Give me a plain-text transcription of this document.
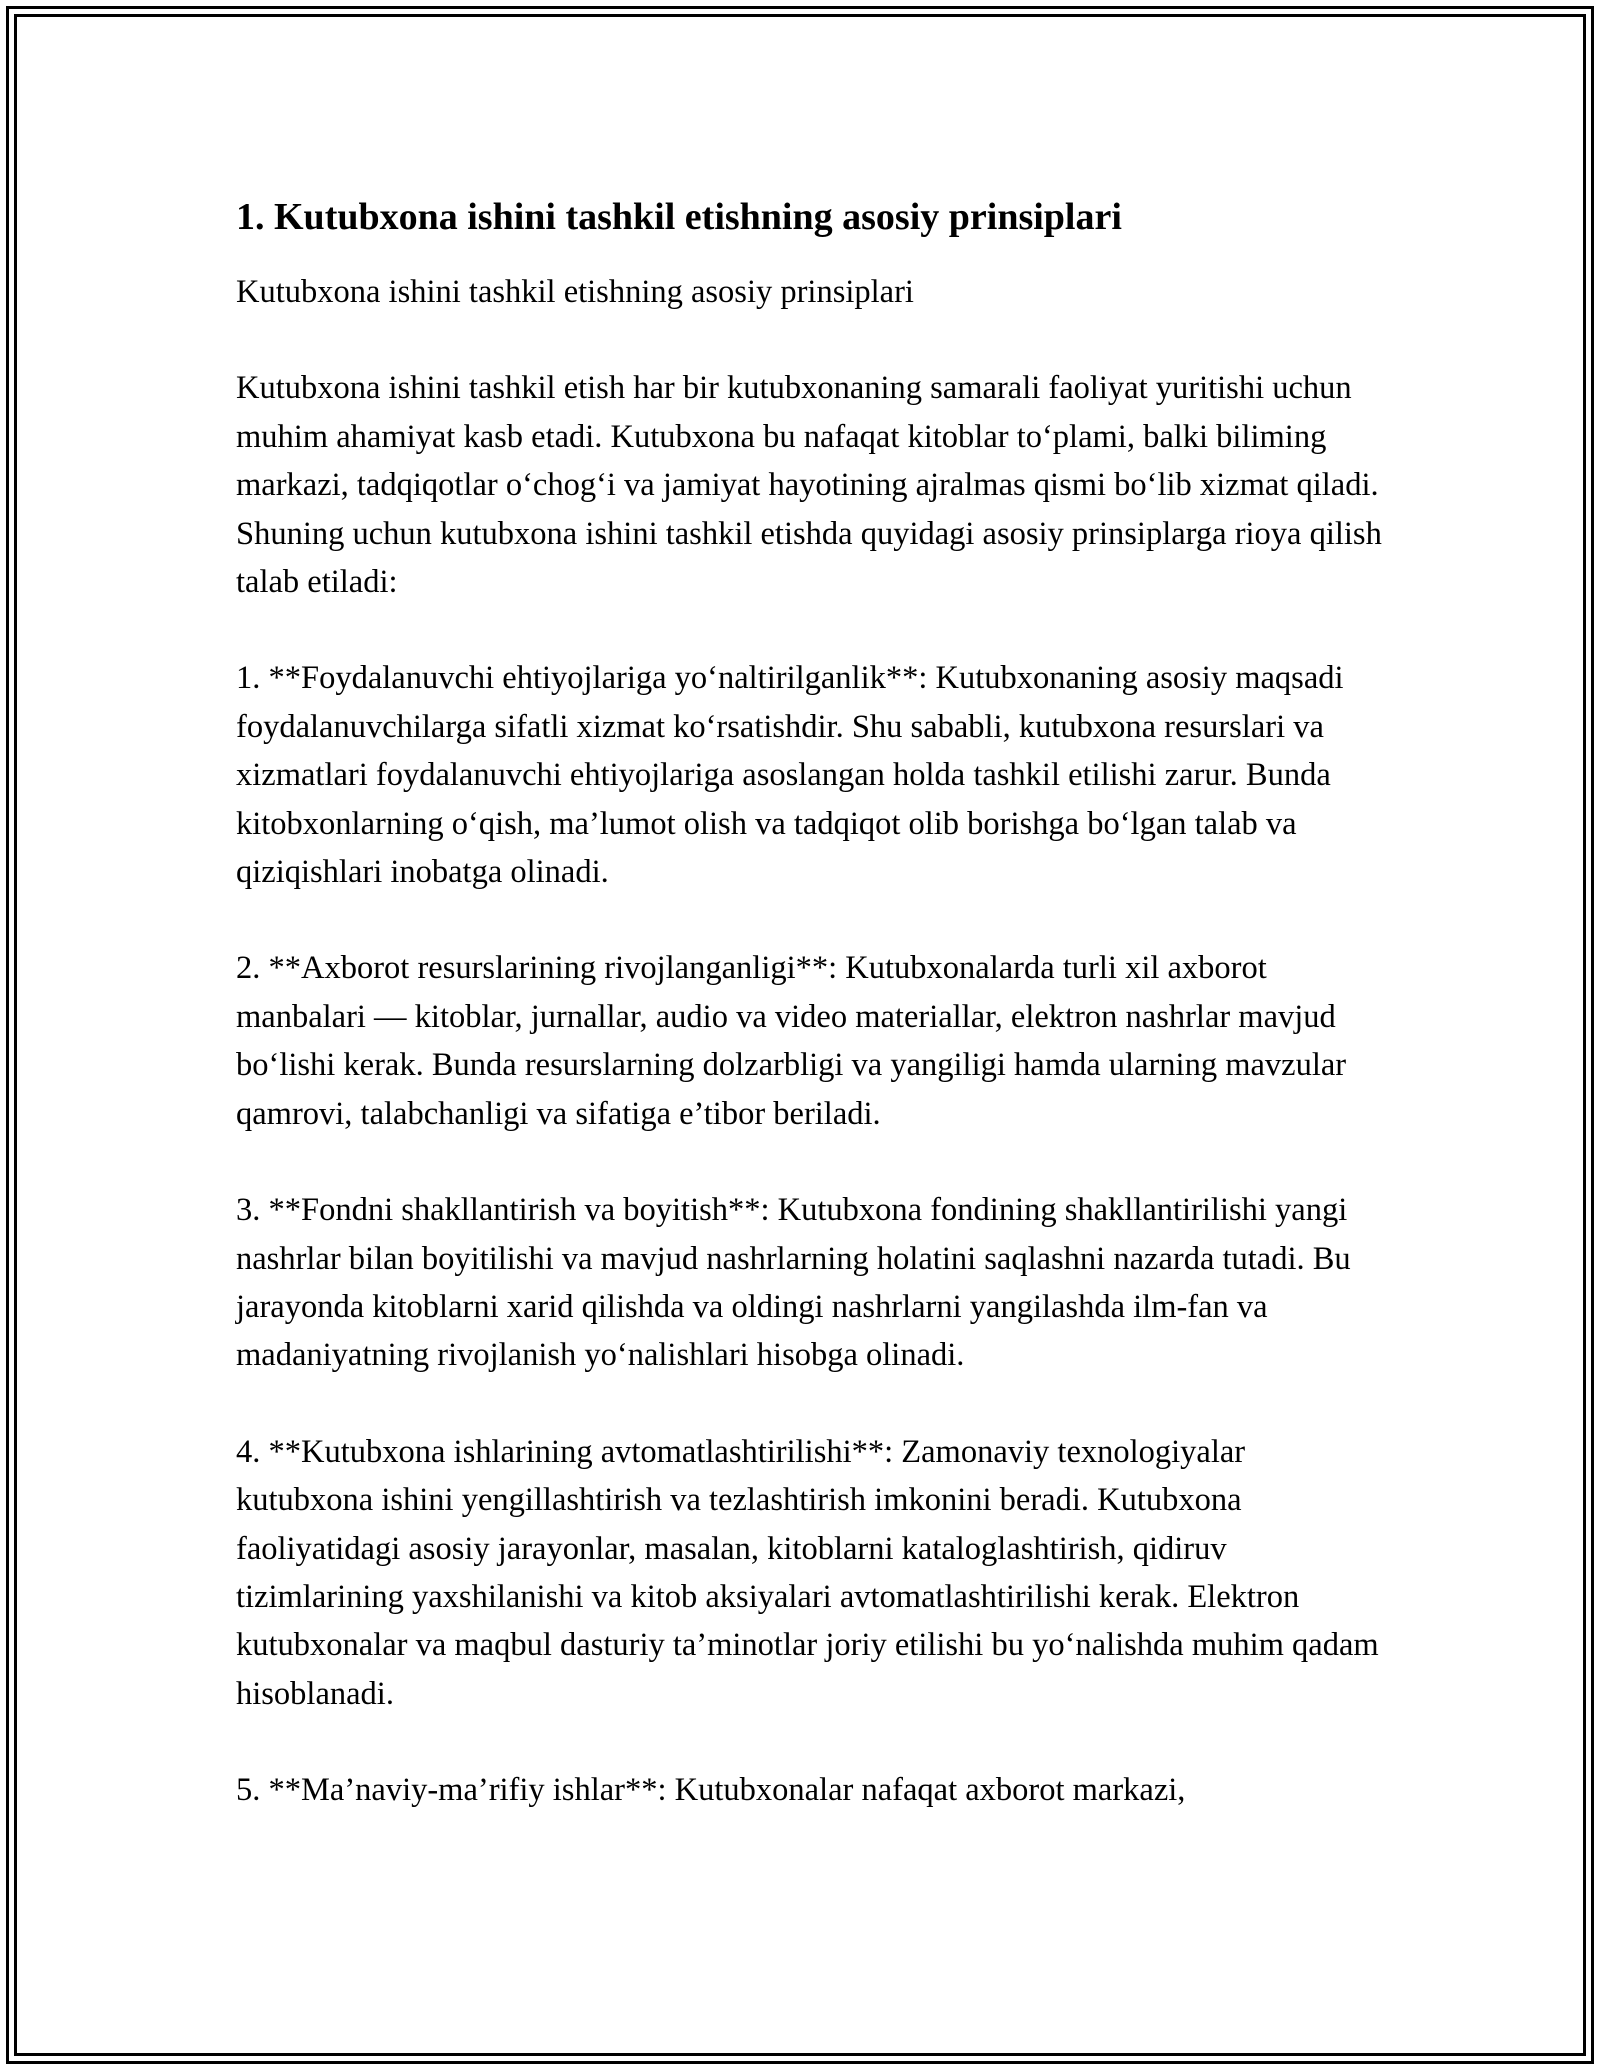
1. Kutubxona ishini tashkil etishning asosiy prinsiplari

Kutubxona ishini tashkil etishning asosiy prinsiplari

Kutubxona ishini tashkil etish har bir kutubxonaning samarali faoliyat yuritishi uchun muhim ahamiyat kasb etadi. Kutubxona bu nafaqat kitoblar to‘plami, balki biliming markazi, tadqiqotlar o‘chog‘i va jamiyat hayotining ajralmas qismi bo‘lib xizmat qiladi. Shuning uchun kutubxona ishini tashkil etishda quyidagi asosiy prinsiplarga rioya qilish talab etiladi:

1. **Foydalanuvchi ehtiyojlariga yo‘naltirilganlik**: Kutubxonaning asosiy maqsadi foydalanuvchilarga sifatli xizmat ko‘rsatishdir. Shu sababli, kutubxona resurslari va xizmatlari foydalanuvchi ehtiyojlariga asoslangan holda tashkil etilishi zarur. Bunda kitobxonlarning o‘qish, ma’lumot olish va tadqiqot olib borishga bo‘lgan talab va qiziqishlari inobatga olinadi.

2. **Axborot resurslarining rivojlanganligi**: Kutubxonalarda turli xil axborot manbalari — kitoblar, jurnallar, audio va video materiallar, elektron nashrlar mavjud bo‘lishi kerak. Bunda resurslarning dolzarbligi va yangiligi hamda ularning mavzular qamrovi, talabchanligi va sifatiga e’tibor beriladi.

3. **Fondni shakllantirish va boyitish**: Kutubxona fondining shakllantirilishi yangi nashrlar bilan boyitilishi va mavjud nashrlarning holatini saqlashni nazarda tutadi. Bu jarayonda kitoblarni xarid qilishda va oldingi nashrlarni yangilashda ilm-fan va madaniyatning rivojlanish yo‘nalishlari hisobga olinadi.

4. **Kutubxona ishlarining avtomatlashtirilishi**: Zamonaviy texnologiyalar kutubxona ishini yengillashtirish va tezlashtirish imkonini beradi. Kutubxona faoliyatidagi asosiy jarayonlar, masalan, kitoblarni kataloglashtirish, qidiruv tizimlarining yaxshilanishi va kitob aksiyalari avtomatlashtirilishi kerak. Elektron kutubxonalar va maqbul dasturiy ta’minotlar joriy etilishi bu yo‘nalishda muhim qadam hisoblanadi.

5. **Ma’naviy-ma’rifiy ishlar**: Kutubxonalar nafaqat axborot markazi,
